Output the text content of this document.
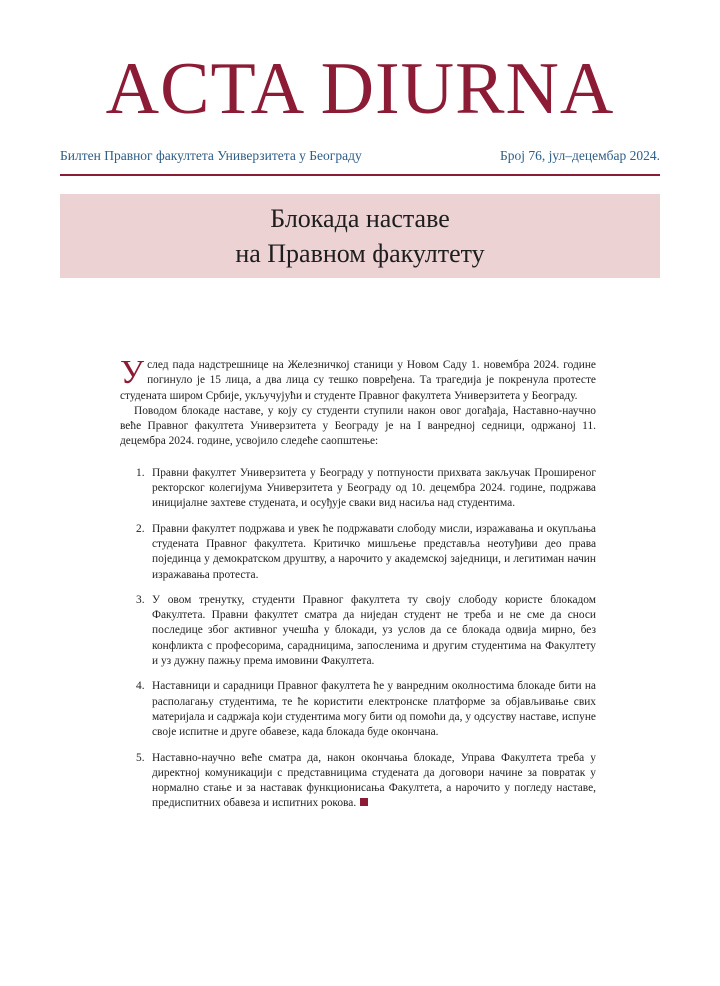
ACTA DIURNA
Билтен Правног факултета Универзитета у Београду	Број 76, јул–децембар 2024.
Блокада наставе
на Правном факултету

Услед пада надстрешнице на Железничкој станици у Новом Саду 1. новембра 2024. године погинуло је 15 лица, а два лица су тешко повређена. Та трагедија је покренула протесте студената широм Србије, укључујући и студенте Правног факултета Универзитета у Београду.

Поводом блокаде наставе, у коју су студенти ступили након овог догађаја, Наставно-научно веће Правног факултета Универзитета у Београду је на I ванредној седници, одржаној 11. децембра 2024. године, усвојило следеће саопштење:

1. Правни факултет Универзитета у Београду у потпуности прихвата закључак Проширеног ректорског колегијума Универзитета у Београду од 10. децембра 2024. године, подржава иницијалне захтеве студената, и осуђује сваки вид насиља над студентима.
2. Правни факултет подржава и увек ће подржавати слободу мисли, изражавања и окупљања студената Правног факултета. Критичко мишљење представља неотуђиви део права појединца у демократском друштву, а нарочито у академској заједници, и легитиман начин изражавања протеста.
3. У овом тренутку, студенти Правног факултета ту своју слободу користе блокадом Факултета. Правни факултет сматра да ниједан студент не треба и не сме да сноси последице због активног учешћа у блокади, уз услов да се блокада одвија мирно, без конфликта с професорима, сарадницима, запосленима и другим студентима на Факултету и уз дужну пажњу према имовини Факултета.
4. Наставници и сарадници Правног факултета ће у ванредним околностима блокаде бити на располагању студентима, те ће користити електронске платформе за објављивање свих материјала и садржаја који студентима могу бити од помоћи да, у одсуству наставе, испуне своје испитне и друге обавезе, када блокада буде окончана.
5. Наставно-научно веће сматра да, након окончања блокаде, Управа Факултета треба у директној комуникацији с представницима студената да договори начине за повратак у нормално стање и за наставак функционисања Факултета, а нарочито у погледу наставе, предиспитних обавеза и испитних рокова.
